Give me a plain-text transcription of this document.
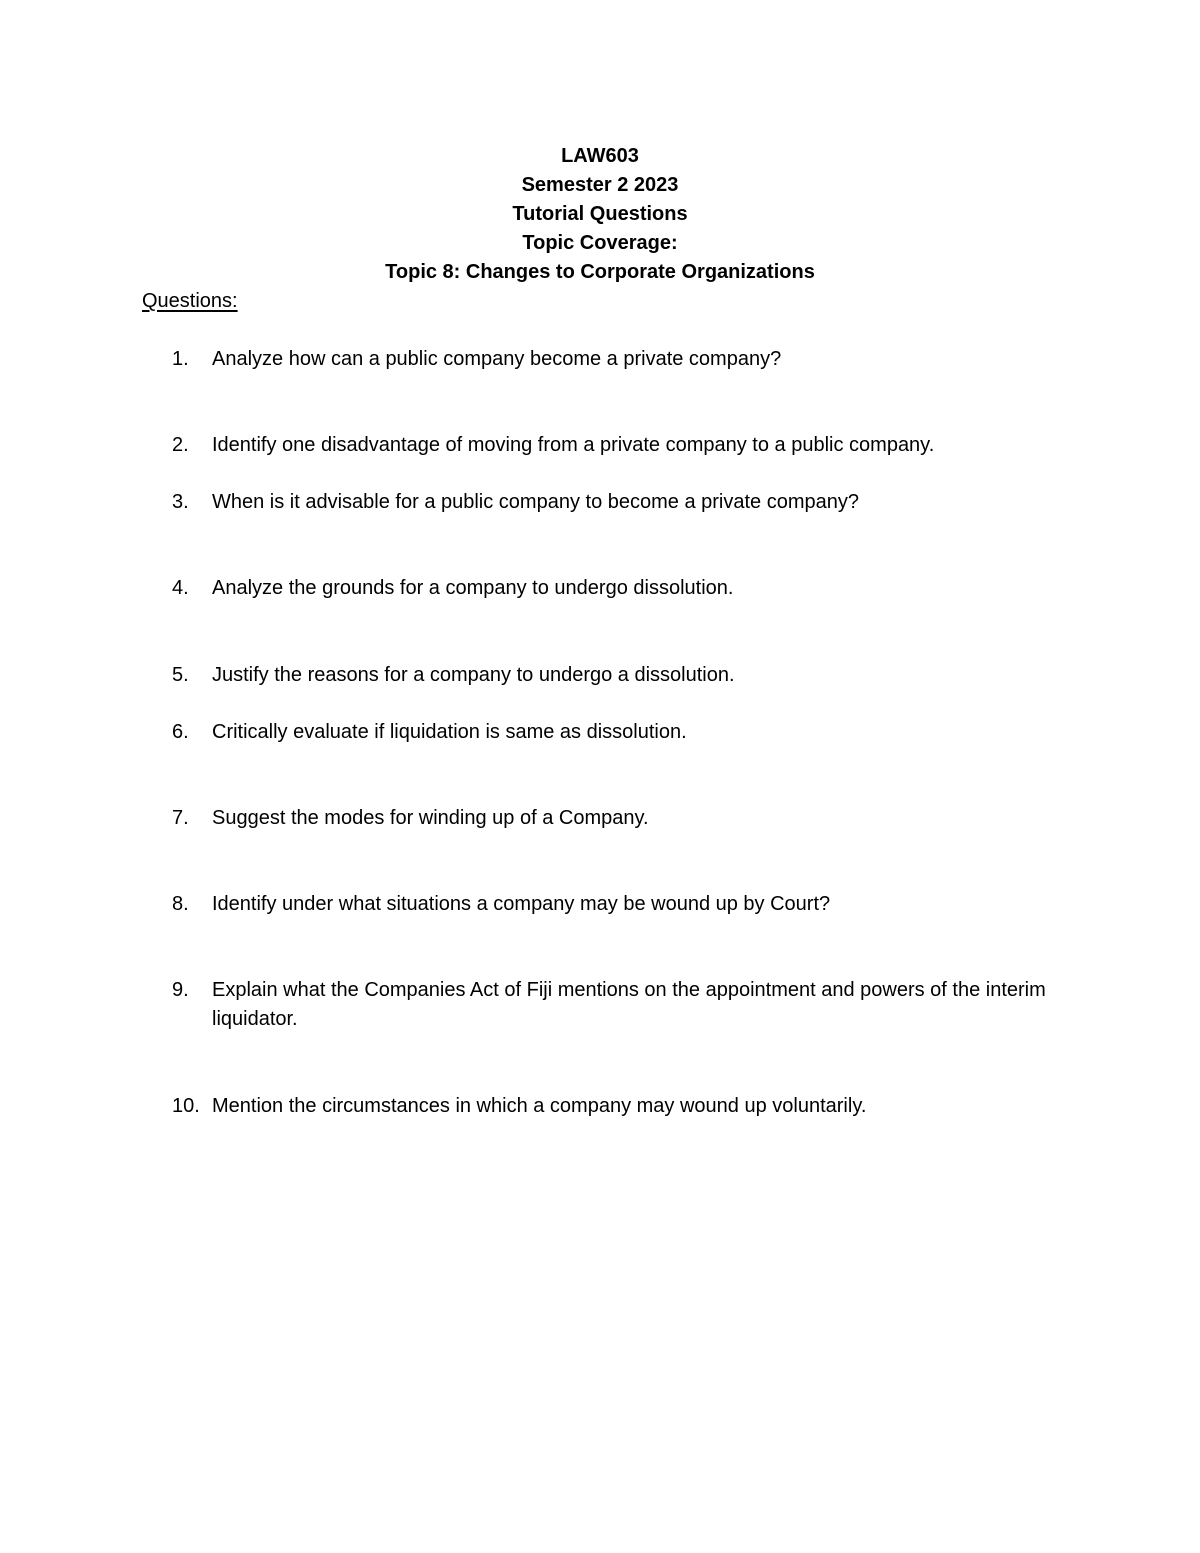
LAW603
Semester 2 2023
Tutorial Questions
Topic Coverage:
Topic 8: Changes to Corporate Organizations
Questions:
1.	Analyze how can a public company become a private company?
2.	Identify one disadvantage of moving from a private company to a public company.
3.	When is it advisable for a public company to become a private company?
4.	Analyze the grounds for a company to undergo dissolution.
5.	Justify the reasons for a company to undergo a dissolution.
6.	Critically evaluate if liquidation is same as dissolution.
7.	Suggest the modes for winding up of a Company.
8.	Identify under what situations a company may be wound up by Court?
9.	Explain what the Companies Act of Fiji mentions on the appointment and powers of the interim liquidator.
10. Mention the circumstances in which a company may wound up voluntarily.
